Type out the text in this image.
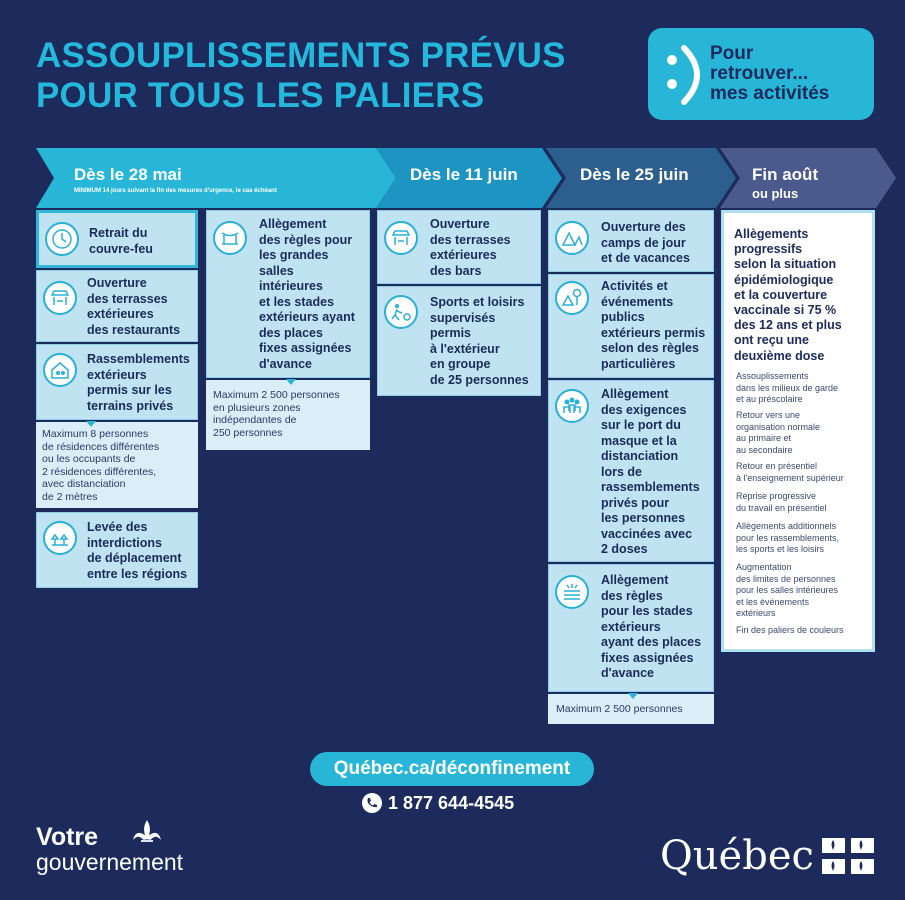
ASSOUPLISSEMENTS PRÉVUS
POUR TOUS LES PALIERS
Pour
retrouver...
mes activités
Dès le 28 mai
MINIMUM 14 jours suivant la fin des mesures d'urgence, le cas échéant
Dès le 11 juin	Dès le 25 juin	Fin août
ou plus
Retrait du
couvre-feu
Ouverture
des terrasses
extérieures
des restaurants
Rassemblements
extérieurs
permis sur les
terrains privés
Maximum 8 personnes
de résidences différentes
ou les occupants de
2 résidences différentes,
avec distanciation
de 2 mètres
Levée des
interdictions
de déplacement
entre les régions
Allègement
des règles pour
les grandes
salles
intérieures
et les stades
extérieurs ayant
des places
fixes assignées
d'avance
Maximum 2 500 personnes
en plusieurs zones
indépendantes de
250 personnes
Ouverture
des terrasses
extérieures
des bars
Sports et loisirs
supervisés
permis
à l'extérieur
en groupe
de 25 personnes
Ouverture des
camps de jour
et de vacances
Activités et
événements
publics
extérieurs permis
selon des règles
particulières
Allègement
des exigences
sur le port du
masque et la
distanciation
lors de
rassemblements
privés pour
les personnes
vaccinées avec
2 doses
Allègement
des règles
pour les stades
extérieurs
ayant des places
fixes assignées
d'avance
Maximum 2 500 personnes
Allègements
progressifs
selon la situation
épidémiologique
et la couverture
vaccinale si 75 %
des 12 ans et plus
ont reçu une
deuxième dose
Assouplissements
dans les milieux de garde
et au préscolaire
Retour vers une
organisation normale
au primaire et
au secondaire
Retour en présentiel
à l'enseignement supérieur
Reprise progressive
du travail en présentiel
Allègements additionnels
pour les rassemblements,
les sports et les loisirs
Augmentation
des limites de personnes
pour les salles intérieures
et les événements
extérieurs
Fin des paliers de couleurs
Québec.ca/déconfinement
1 877 644-4545
Votre
gouvernement	Québec
